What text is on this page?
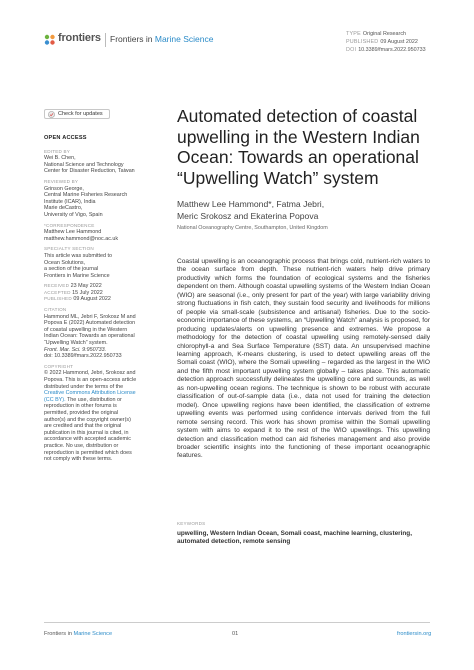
frontiers Frontiers in Marine Science	TYPE Original Research
PUBLISHED 09 August 2022
DOI 10.3389/fmars.2022.950733
Check for updates
OPEN ACCESS
EDITED BY
Wei B. Chen,
National Science and Technology
Center for Disaster Reduction, Taiwan
REVIEWED BY
Grinson George,
Central Marine Fisheries Research
Institute (ICAR), India
Marie deCastro,
University of Vigo, Spain
*CORRESPONDENCE
Matthew Lee Hammond
matthew.hammond@noc.ac.uk
SPECIALTY SECTION
This article was submitted to
Ocean Solutions,
a section of the journal
Frontiers in Marine Science
RECEIVED 23 May 2022
ACCEPTED 15 July 2022
PUBLISHED 09 August 2022
CITATION
Hammond ML, Jebri F, Srokosz M and
Popova E (2022) Automated detection
of coastal upwelling in the Western
Indian Ocean: Towards an operational
“Upwelling Watch” system.
Front. Mar. Sci. 9:950733.
doi: 10.3389/fmars.2022.950733
COPYRIGHT
© 2022 Hammond, Jebri, Srokosz and
Popova. This is an open-access article
distributed under the terms of the
Creative Commons Attribution License
(CC BY). The use, distribution or
reproduction in other forums is
permitted, provided the original
author(s) and the copyright owner(s)
are credited and that the original
publication in this journal is cited, in
accordance with accepted academic
practice. No use, distribution or
reproduction is permitted which does
not comply with these terms.
Automated detection of coastal upwelling in the Western Indian Ocean: Towards an operational “Upwelling Watch” system
Matthew Lee Hammond*, Fatma Jebri,
Meric Srokosz and Ekaterina Popova
National Oceanography Centre, Southampton, United Kingdom
Coastal upwelling is an oceanographic process that brings cold, nutrient-rich waters to the ocean surface from depth. These nutrient-rich waters help drive primary productivity which forms the foundation of ecological systems and the fisheries dependent on them. Although coastal upwelling systems of the Western Indian Ocean (WIO) are seasonal (i.e., only present for part of the year) with large variability driving strong fluctuations in fish catch, they sustain food security and livelihoods for millions of people via small-scale (subsistence and artisanal) fisheries. Due to the socio-economic importance of these systems, an “Upwelling Watch” analysis is proposed, for producing updates/alerts on upwelling presence and extremes. We propose a methodology for the detection of coastal upwelling using remotely-sensed daily chlorophyll-a and Sea Surface Temperature (SST) data. An unsupervised machine learning approach, K-means clustering, is used to detect upwelling areas off the Somali coast (WIO), where the Somali upwelling – regarded as the largest in the WIO and the fifth most important upwelling system globally – takes place. This automatic detection approach successfully delineates the upwelling core and surrounds, as well as non-upwelling ocean regions. The technique is shown to be robust with accurate classification of out-of-sample data (i.e., data not used for training the detection model). Once upwelling regions have been identified, the classification of extreme upwelling events was performed using confidence intervals derived from the full remote sensing record. This work has shown promise within the Somali upwelling system with aims to expand it to the rest of the WIO upwellings. This upwelling detection and classification method can aid fisheries management and also provide broader scientific insights into the functioning of these important oceanographic features.
KEYWORDS
upwelling, Western Indian Ocean, Somali coast, machine learning, clustering, automated detection, remote sensing
Frontiers in Marine Science	01	frontiersin.org
